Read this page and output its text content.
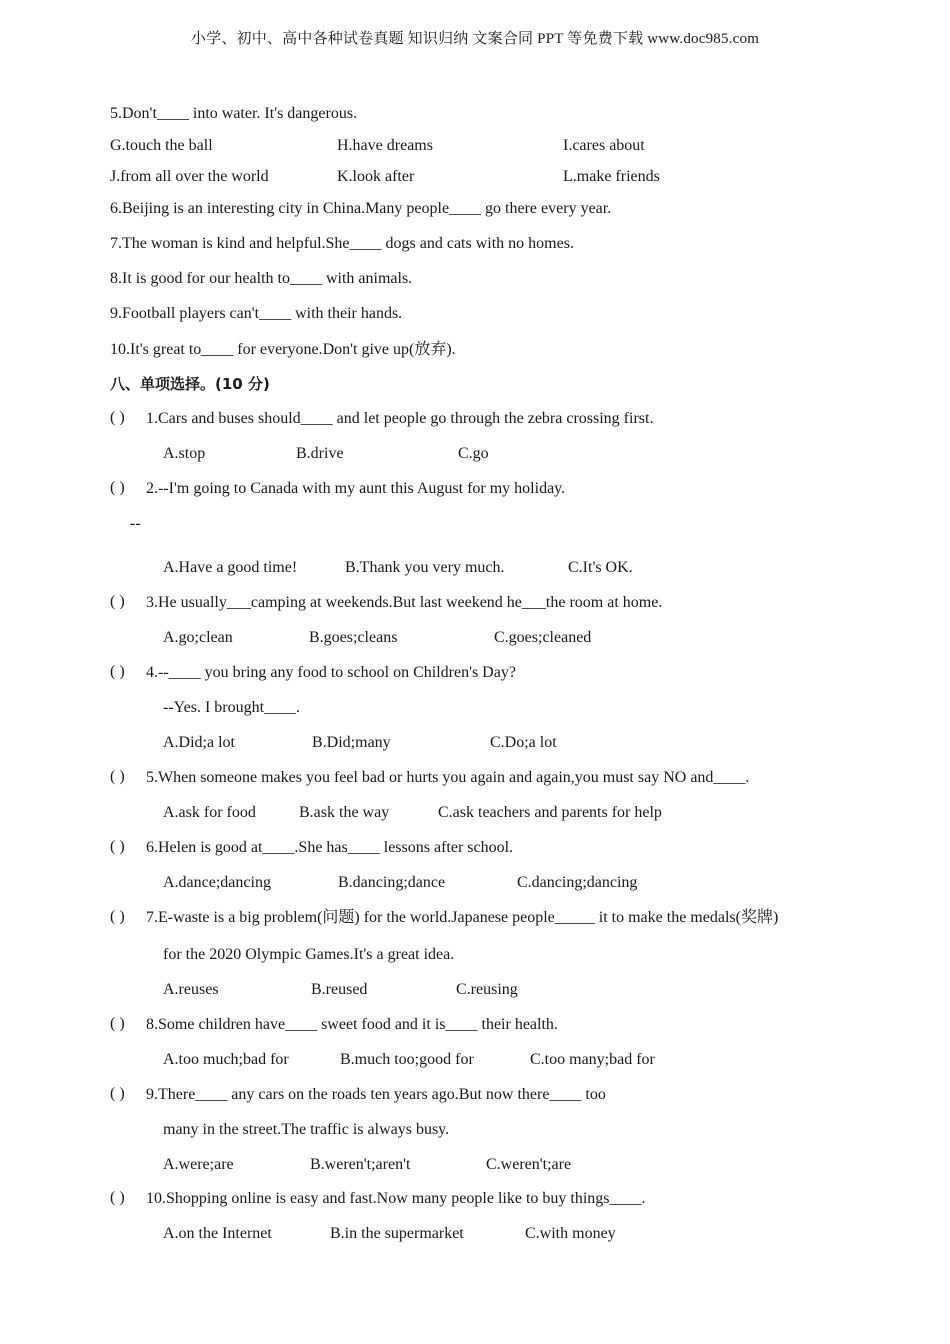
小学、初中、高中各种试卷真题 知识归纳 文案合同 PPT 等免费下载 www.doc985.com
5.Don't____ into water. It's dangerous.
G.touch the ball	H.have dreams	I.cares about
J.from all over the world	K.look after	L.make friends
6.Beijing is an interesting city in China.Many people____ go there every year.
7.The woman is kind and helpful.She____ dogs and cats with no homes.
8.It is good for our health to____ with animals.
9.Football players can't____ with their hands.
10.It's great to____ for everyone.Don't give up(放弃).
八、单项选择。(10 分)
( ) 1.Cars and buses should____ and let people go through the zebra crossing first.
A.stop	B.drive	C.go
( ) 2.--I'm going to Canada with my aunt this August for my holiday.
--
A.Have a good time!	B.Thank you very much.	C.It's OK.
( ) 3.He usually___camping at weekends.But last weekend he___the room at home.
A.go;clean	B.goes;cleans	C.goes;cleaned
( ) 4.--____ you bring any food to school on Children's Day?
--Yes. I brought____.
A.Did;a lot	B.Did;many	C.Do;a lot
( ) 5.When someone makes you feel bad or hurts you again and again,you must say NO and____.
A.ask for food	B.ask the way	C.ask teachers and parents for help
( ) 6.Helen is good at____.She has____ lessons after school.
A.dance;dancing	B.dancing;dance	C.dancing;dancing
( ) 7.E-waste is a big problem(问题) for the world.Japanese people_____ it to make the medals(奖牌)
for the 2020 Olympic Games.It's a great idea.
A.reuses	B.reused	C.reusing
( ) 8.Some children have____ sweet food and it is____ their health.
A.too much;bad for	B.much too;good for	C.too many;bad for
( ) 9.There____ any cars on the roads ten years ago.But now there____ too
many in the street.The traffic is always busy.
A.were;are	B.weren't;aren't	C.weren't;are
( ) 10.Shopping online is easy and fast.Now many people like to buy things____.
A.on the Internet	B.in the supermarket	C.with money
